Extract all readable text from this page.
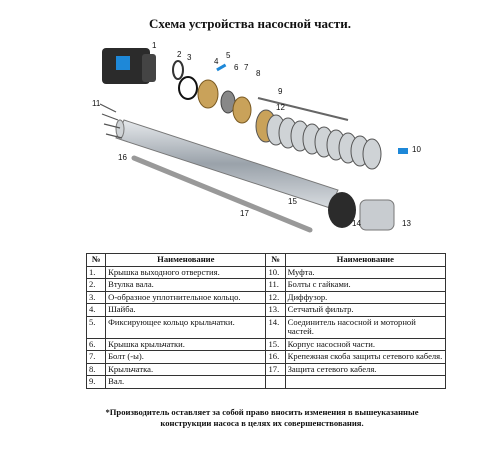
Схема устройства насосной части.
1
2 3	4
5
6 7
8
9
10
11	12
13
14
15
16
17
№	Наименование	№	Наименование
1.	Крышка выходного отверстия.	10.	Муфта.
2.	Втулка вала.	11.	Болты с гайками.
3.	О-образное уплотнительное кольцо.	12.	Диффузор.
4.	Шайба.	13.	Сетчатый фильтр.
5.	Фиксирующее кольцо крыльчатки.	14.	Соединитель насосной и моторной частей.
6.	Крышка крыльчатки.	15.	Корпус насосной части.
7.	Болт (-ы).	16.	Крепежная скоба защиты сетевого кабеля.
8.	Крыльчатка.	17.	Защита сетевого кабеля.
9.	Вал.		
*Производитель оставляет за собой право вносить изменения в вышеуказанные конструкции насоса в целях их совершенствования.
